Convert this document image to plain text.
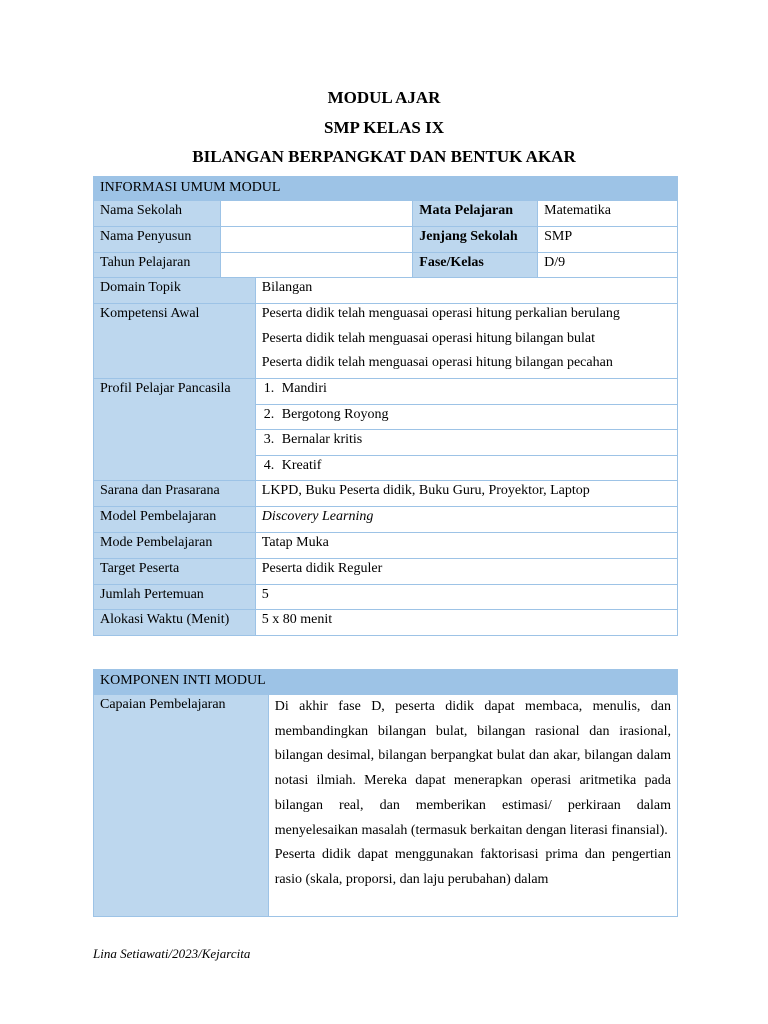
MODUL AJAR
SMP KELAS IX
BILANGAN BERPANGKAT DAN BENTUK AKAR
INFORMASI UMUM MODUL				
Nama Sekolah			Mata Pelajaran	Matematika
Nama Penyusun			Jenjang Sekolah	SMP
Tahun Pelajaran			Fase/Kelas	D/9
Domain Topik		Bilangan		
Kompetensi Awal		Peserta didik telah menguasai operasi hitung perkalian berulang
Peserta didik telah menguasai operasi hitung bilangan bulat
Peserta didik telah menguasai operasi hitung bilangan pecahan		

Profil Pelajar Pancasila		1. Mandiri
2. Bergotong Royong
3. Bernalar kritis
4. Kreatif		

Sarana dan Prasarana		LKPD, Buku Peserta didik, Buku Guru, Proyektor, Laptop		
Model Pembelajaran		Discovery Learning		
Mode Pembelajaran		Tatap Muka		
Target Peserta		Peserta didik Reguler		
Jumlah Pertemuan		5		
Alokasi Waktu (Menit)		5 x 80 menit		
KOMPONEN INTI MODUL
Capaian Pembelajaran	Di akhir fase D, peserta didik dapat membaca, menulis, dan membandingkan bilangan bulat, bilangan rasional dan irasional, bilangan desimal, bilangan berpangkat bulat dan akar, bilangan dalam notasi ilmiah. Mereka dapat menerapkan operasi aritmetika pada bilangan real, dan memberikan estimasi/ perkiraan dalam menyelesaikan masalah (termasuk berkaitan dengan literasi finansial).
Peserta didik dapat menggunakan faktorisasi prima dan pengertian rasio (skala, proporsi, dan laju perubahan) dalam
Lina Setiawati/2023/Kejarcita
